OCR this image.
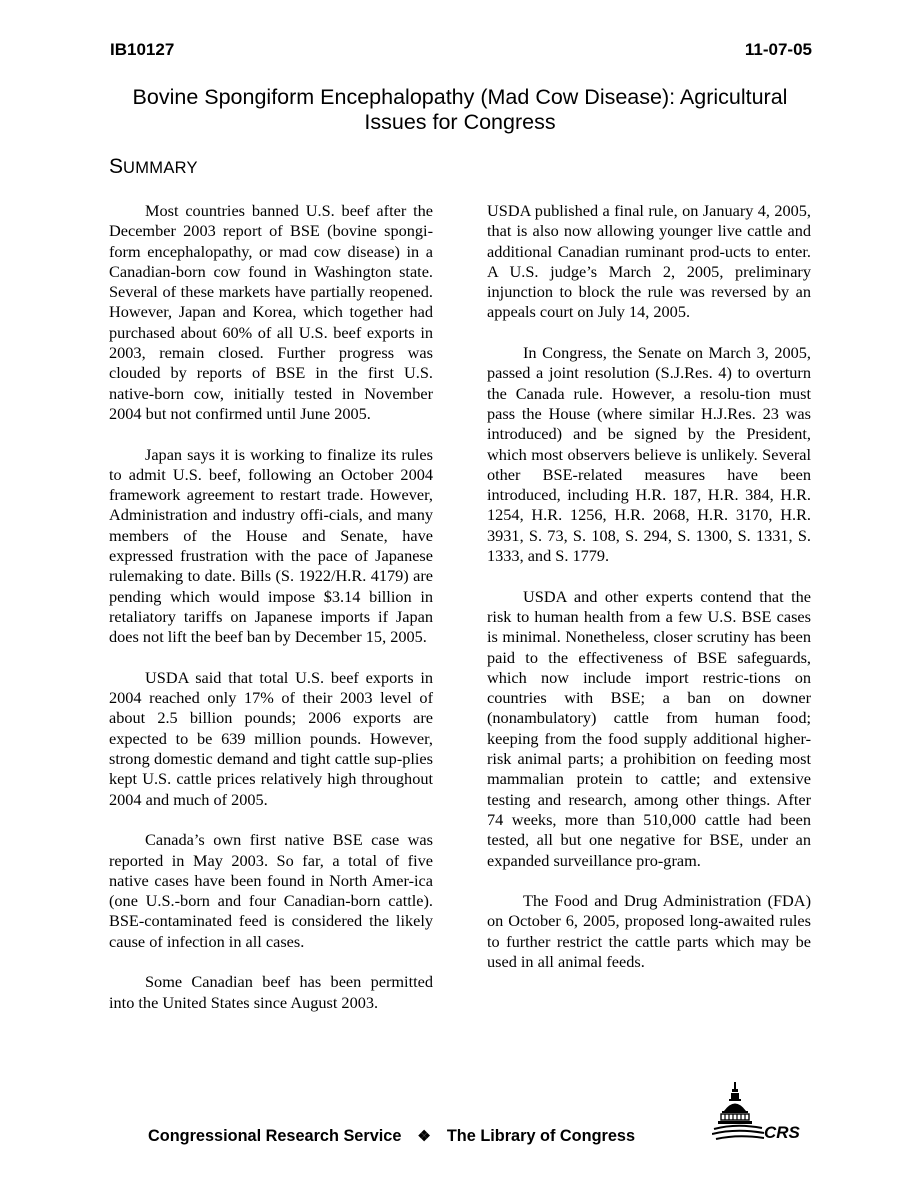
IB10127	11-07-05
Bovine Spongiform Encephalopathy (Mad Cow Disease): Agricultural Issues for Congress
SUMMARY

Most countries banned U.S. beef after the December 2003 report of BSE (bovine spongi-form encephalopathy, or mad cow disease) in a Canadian-born cow found in Washington state. Several of these markets have partially reopened. However, Japan and Korea, which together had purchased about 60% of all U.S. beef exports in 2003, remain closed. Further progress was clouded by reports of BSE in the first U.S. native-born cow, initially tested in November 2004 but not confirmed until June 2005.

Japan says it is working to finalize its rules to admit U.S. beef, following an October 2004 framework agreement to restart trade. However, Administration and industry offi-cials, and many members of the House and Senate, have expressed frustration with the pace of Japanese rulemaking to date. Bills (S. 1922/H.R. 4179) are pending which would impose $3.14 billion in retaliatory tariffs on Japanese imports if Japan does not lift the beef ban by December 15, 2005.

USDA said that total U.S. beef exports in 2004 reached only 17% of their 2003 level of about 2.5 billion pounds; 2006 exports are expected to be 639 million pounds. However, strong domestic demand and tight cattle sup-plies kept U.S. cattle prices relatively high throughout 2004 and much of 2005.

Canada’s own first native BSE case was reported in May 2003. So far, a total of five native cases have been found in North Amer-ica (one U.S.-born and four Canadian-born cattle). BSE-contaminated feed is considered the likely cause of infection in all cases.

Some Canadian beef has been permitted into the United States since August 2003.

USDA published a final rule, on January 4, 2005, that is also now allowing younger live cattle and additional Canadian ruminant prod-ucts to enter. A U.S. judge’s March 2, 2005, preliminary injunction to block the rule was reversed by an appeals court on July 14, 2005.

In Congress, the Senate on March 3, 2005, passed a joint resolution (S.J.Res. 4) to overturn the Canada rule. However, a resolu-tion must pass the House (where similar H.J.Res. 23 was introduced) and be signed by the President, which most observers believe is unlikely. Several other BSE-related measures have been introduced, including H.R. 187, H.R. 384, H.R. 1254, H.R. 1256, H.R. 2068, H.R. 3170, H.R. 3931, S. 73, S. 108, S. 294, S. 1300, S. 1331, S. 1333, and S. 1779.

USDA and other experts contend that the risk to human health from a few U.S. BSE cases is minimal. Nonetheless, closer scrutiny has been paid to the effectiveness of BSE safeguards, which now include import restric-tions on countries with BSE; a ban on downer (nonambulatory) cattle from human food; keeping from the food supply additional higher-risk animal parts; a prohibition on feeding most mammalian protein to cattle; and extensive testing and research, among other things. After 74 weeks, more than 510,000 cattle had been tested, all but one negative for BSE, under an expanded surveillance pro-gram.

The Food and Drug Administration (FDA) on October 6, 2005, proposed long-awaited rules to further restrict the cattle parts which may be used in all animal feeds.

Congressional Research Service ❖ The Library of Congress	CRS
